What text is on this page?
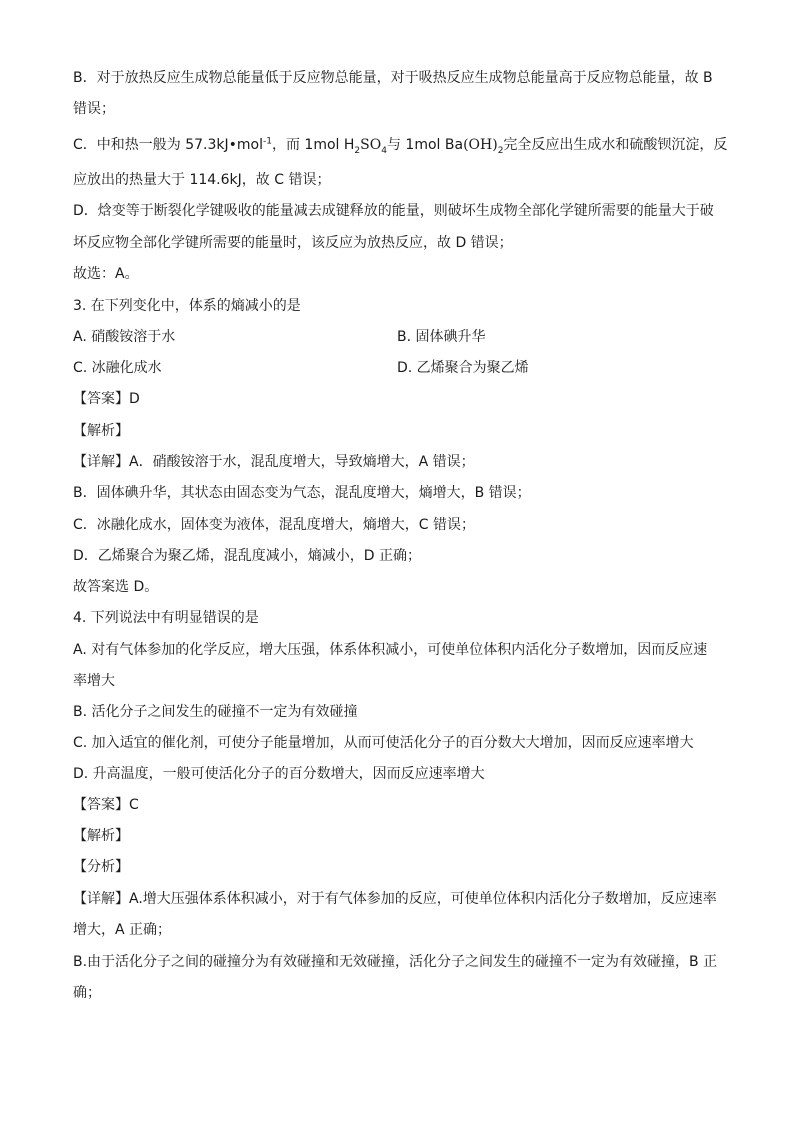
B．对于放热反应生成物总能量低于反应物总能量，对于吸热反应生成物总能量高于反应物总能量，故 B
错误；
C．中和热一般为 57.3kJ•mol$^{-1}$，而 1mol $H_2SO_4$与 1mol $Ba(OH)_2$完全反应出生成水和硫酸钡沉淀，反
应放出的热量大于 114.6kJ，故 C 错误；
D．焓变等于断裂化学键吸收的能量减去成键释放的能量，则破坏生成物全部化学键所需要的能量大于破
坏反应物全部化学键所需要的能量时，该反应为放热反应，故 D 错误；
故选：A。
3. 在下列变化中，体系的熵减小的是
A. 硝酸铵溶于水	B. 固体碘升华
C. 冰融化成水	D. 乙烯聚合为聚乙烯
【答案】D
【解析】
【详解】A．硝酸铵溶于水，混乱度增大，导致熵增大，A 错误；
B．固体碘升华，其状态由固态变为气态，混乱度增大，熵增大，B 错误；
C．冰融化成水，固体变为液体，混乱度增大，熵增大，C 错误；
D．乙烯聚合为聚乙烯，混乱度减小，熵减小，D 正确；
故答案选 D。
4. 下列说法中有明显错误的是
A. 对有气体参加的化学反应，增大压强，体系体积减小，可使单位体积内活化分子数增加，因而反应速
率增大
B. 活化分子之间发生的碰撞不一定为有效碰撞
C. 加入适宜的催化剂，可使分子能量增加，从而可使活化分子的百分数大大增加，因而反应速率增大
D. 升高温度，一般可使活化分子的百分数增大，因而反应速率增大
【答案】C
【解析】
【分析】
【详解】A.增大压强体系体积减小，对于有气体参加的反应，可使单位体积内活化分子数增加，反应速率
增大，A 正确；
B.由于活化分子之间的碰撞分为有效碰撞和无效碰撞，活化分子之间发生的碰撞不一定为有效碰撞，B 正
确；
